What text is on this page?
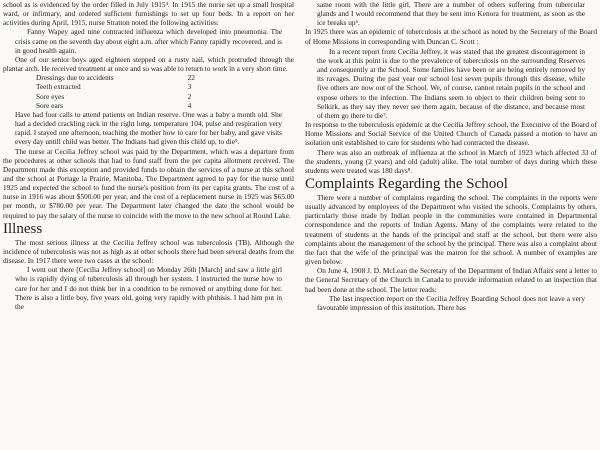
school as is evidenced by the order filled in July 1915⁴. In 1915 the nurse set up a small hospital ward, or infirmary, and ordered sufficient furnishings to set up four beds. In a report on her activities during April, 1915, nurse Stratton noted the following activities:

Fanny Wapey aged nine contracted influenza which developed into pneumonia. The crisis came on the seventh day about eight a.m. after which Fanny rapidly recovered, and is in good health again.

One of our senior boys aged eighteen stepped on a rusty nail, which protruded through the plantar arch. He received treatment at once and so was able to return to work in a very short time.

Dressings due to accidents	22
Teeth extracted	3
Sore eyes	2
Sore ears	4

Have had four calls to attend patients on Indian reserve. One was a baby a month old. She had a decided crackling rack in the right lung. temperature 104, pulse and respiration very rapid. I stayed one afternoon, teaching the mother how to care for her baby, and gave visits every day untill child was better. The Indians had given this child up, to die⁵.

The nurse at Cecilia Jeffrey school was paid by the Department, which was a departure from the procedures at other schools that had to fund staff from the per capita allotment received. The Department made this exception and provided funds to obtain the services of a nurse at this school and the school at Portage la Prairie, Manitoba. The Department agreed to pay for the nurse until 1925 and expected the school to fund the nurse's position from its per capita grants. The cost of a nurse in 1916 was about $500.00 per year, and the cost of a replacement nurse in 1925 was $65.00 per month, or $780.00 per year. The Department later changed the date the school would be required to pay the salary of the nurse to coincide with the move to the new school at Round Lake.

Illness

The most serious illness at the Cecilia Jeffrey school was tuberculosis (TB). Although the incidence of tuberculosis was not as high as at other schools there had been several deaths from the disease. In 1917 there were two cases at the school:

I went out there [Cecilia Jeffrey school] on Monday 26th [March] and saw a little girl who is rapidly dying of tuberculosis all through her system. I instructed the nurse how to care for her and I do not think her in a condition to be removed or anything done for her. There is also a little boy, five years old, going very rapidly with phthisis. I had him put in the

same room with the little girl. There are a number of others suffering from tubercular glands and I would recommend that they be sent into Kenora for treatment, as soon as the ice breaks up⁶.

In 1925 there was an epidemic of tuberculosis at the school as noted by the Secretary of the Board of Home Missions in corresponding with Duncan C. Scott :

In a recent report from Cecilia Jeffrey, it was stated that the greatest discouragement in the work at this point is due to the prevalence of tuberculosis on the surrounding Reserves and consequently at the School. Some families have been or are being entirely removed by its ravages. During the past year our school lost seven pupils through this disease, while five others are now out of the School. We, of course, cannot retain pupils in the school and expose others to the infection. The Indians seem to object to their children being sent to Selkirk, as they say they never see them again, because of the distance, and because most of them go there to die⁷.

In response to the tuberculosis epidemic at the Cecilia Jeffrey school, the Executive of the Board of Home Missions and Social Service of the United Church of Canada passed a motion to have an isolation unit established to care for students who had contracted the disease.

There was also an outbreak of influenza at the school in March of 1923 which affected 33 of the students, young (2 years) and old (adult) alike. The total number of days during which these students were treated was 180 days⁸.

Complaints Regarding the School

There were a number of complaints regarding the school. The complaints in the reports were usually advanced by employees of the Department who visited the schools. Complaints by others, particularly those made by Indian people in the communities were contained in Departmental correspondence and the reports of Indian Agents. Many of the complaints were related to the treatment of students at the hands of the principal and staff at the school, but there were also complaints about the management of the school by the principal. There was also a complaint about the fact that the wife of the principal was the matron for the school. A number of examples are given below.

On June 4, 1908 J. D. McLean the Secretary of the Department of Indian Affairs sent a letter to the General Secretary of the Church in Canada to provide information related to an inspection that had been done at the school. The letter reads:

The last inspection report on the Cecilia Jeffrey Boarding School does not leave a very favourable impression of this institution. There has
